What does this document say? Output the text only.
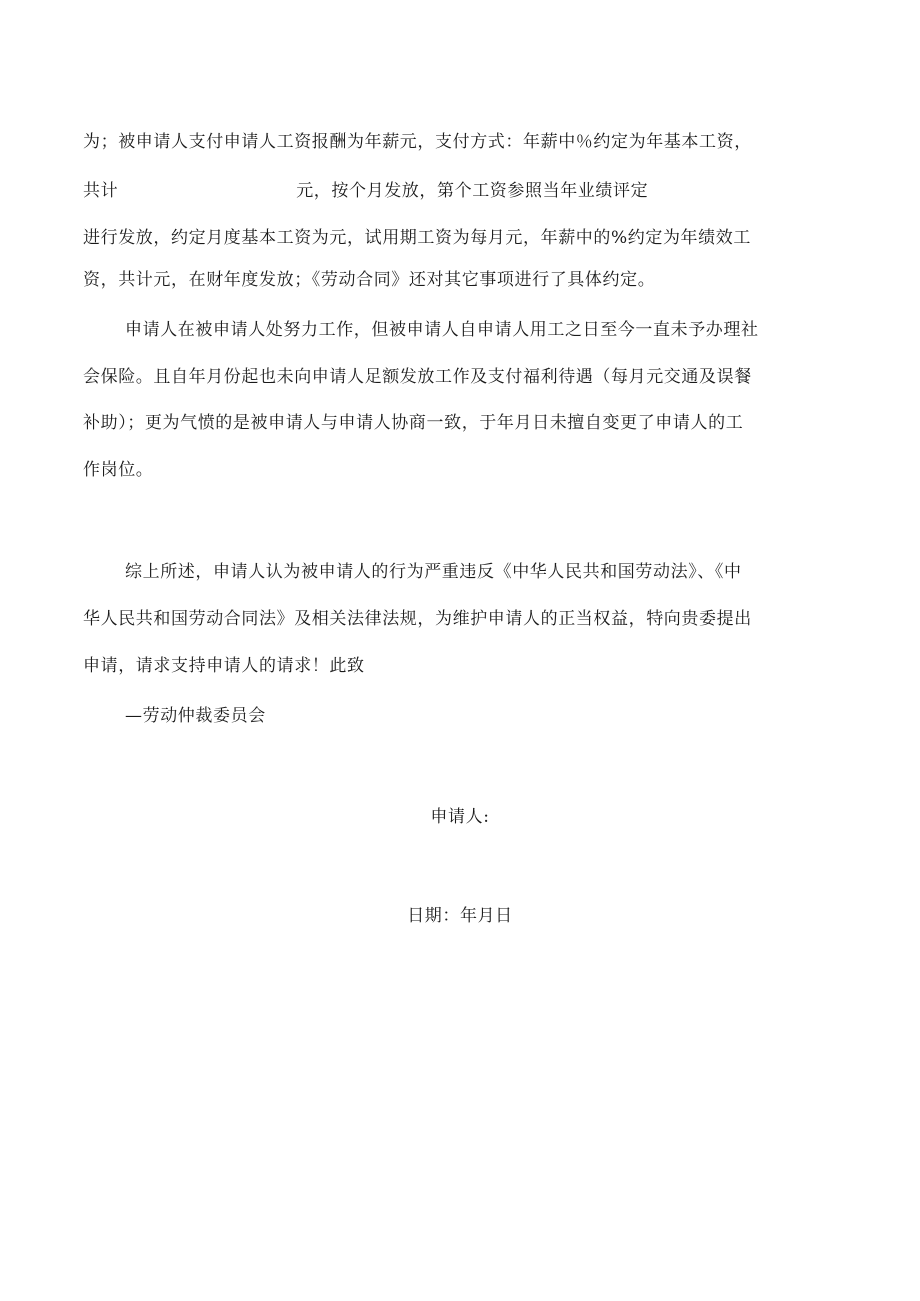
为；被申请人支付申请人工资报酬为年薪元，支付方式：年薪中％约定为年基本工资，
共计	元，按个月发放，第个工资参照当年业绩评定
进行发放，约定月度基本工资为元，试用期工资为每月元，年薪中的%约定为年绩效工
资，共计元，在财年度发放；《劳动合同》还对其它事项进行了具体约定。
申请人在被申请人处努力工作，但被申请人自申请人用工之日至今一直未予办理社
会保险。且自年月份起也未向申请人足额发放工作及支付福利待遇（每月元交通及误餐
补助）；更为气愤的是被申请人与申请人协商一致，于年月日未擅自变更了申请人的工
作岗位。
综上所述，申请人认为被申请人的行为严重违反《中华人民共和国劳动法》、《中
华人民共和国劳动合同法》及相关法律法规，为维护申请人的正当权益，特向贵委提出
申请，请求支持申请人的请求！此致
—劳动仲裁委员会
申请人:
日期：年月日
